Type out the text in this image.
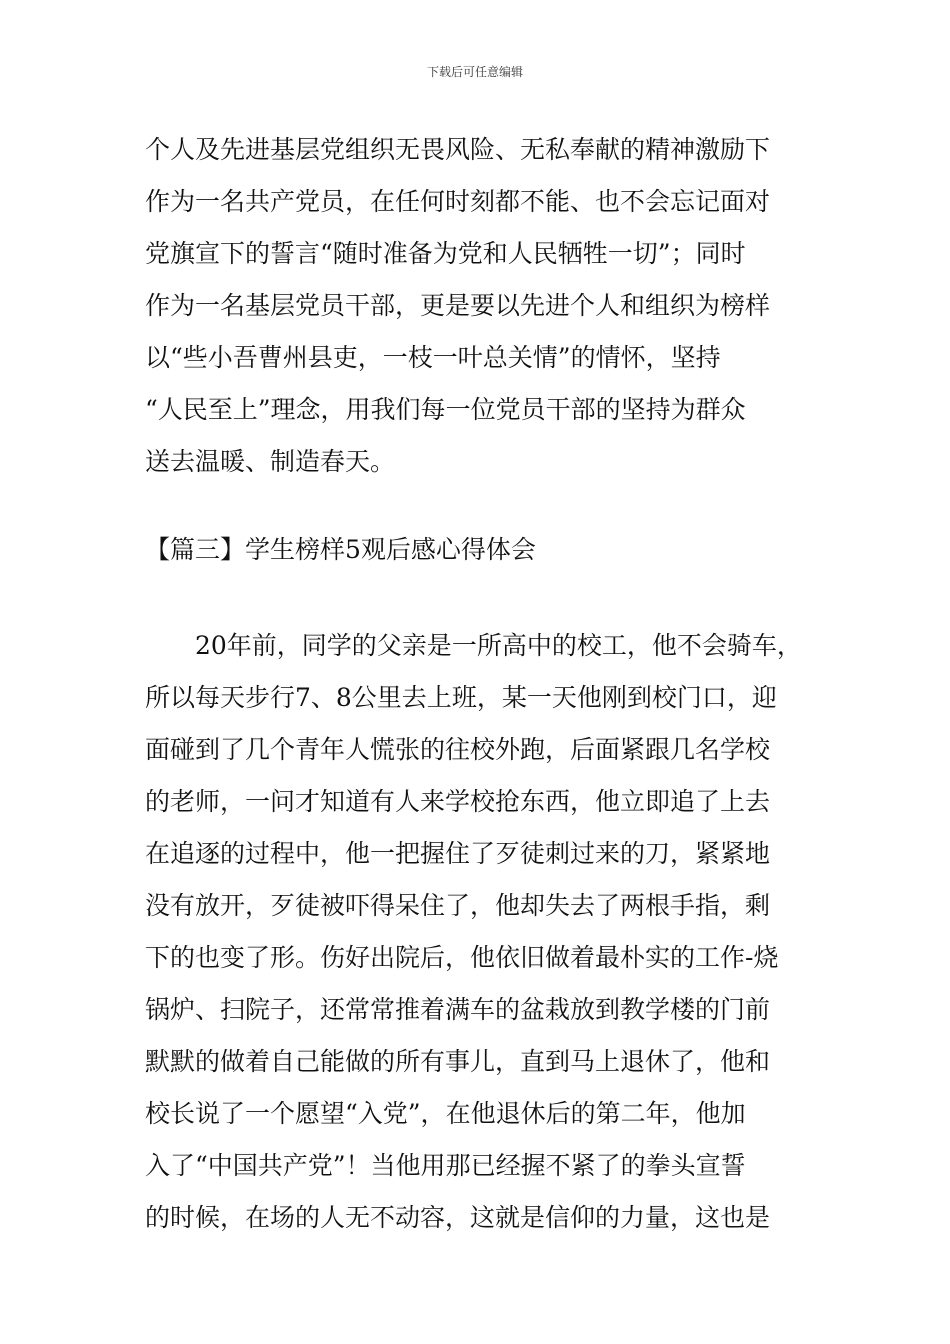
下载后可任意编辑
个人及先进基层党组织无畏风险、无私奉献的精神激励下
作为一名共产党员，在任何时刻都不能、也不会忘记面对
党旗宣下的誓言“随时准备为党和人民牺牲一切”；同时
作为一名基层党员干部，更是要以先进个人和组织为榜样
以“些小吾曹州县吏，一枝一叶总关情”的情怀，坚持
“人民至上”理念，用我们每一位党员干部的坚持为群众
送去温暖、制造春天。
【篇三】学生榜样5观后感心得体会
　　20年前，同学的父亲是一所高中的校工，他不会骑车，
所以每天步行7、8公里去上班，某一天他刚到校门口，迎
面碰到了几个青年人慌张的往校外跑，后面紧跟几名学校
的老师，一问才知道有人来学校抢东西，他立即追了上去
在追逐的过程中，他一把握住了歹徒刺过来的刀，紧紧地
没有放开，歹徒被吓得呆住了，他却失去了两根手指，剩
下的也变了形。伤好出院后，他依旧做着最朴实的工作-烧
锅炉、扫院子，还常常推着满车的盆栽放到教学楼的门前
默默的做着自己能做的所有事儿，直到马上退休了，他和
校长说了一个愿望“入党”，在他退休后的第二年，他加
入了“中国共产党”！当他用那已经握不紧了的拳头宣誓
的时候，在场的人无不动容，这就是信仰的力量，这也是
